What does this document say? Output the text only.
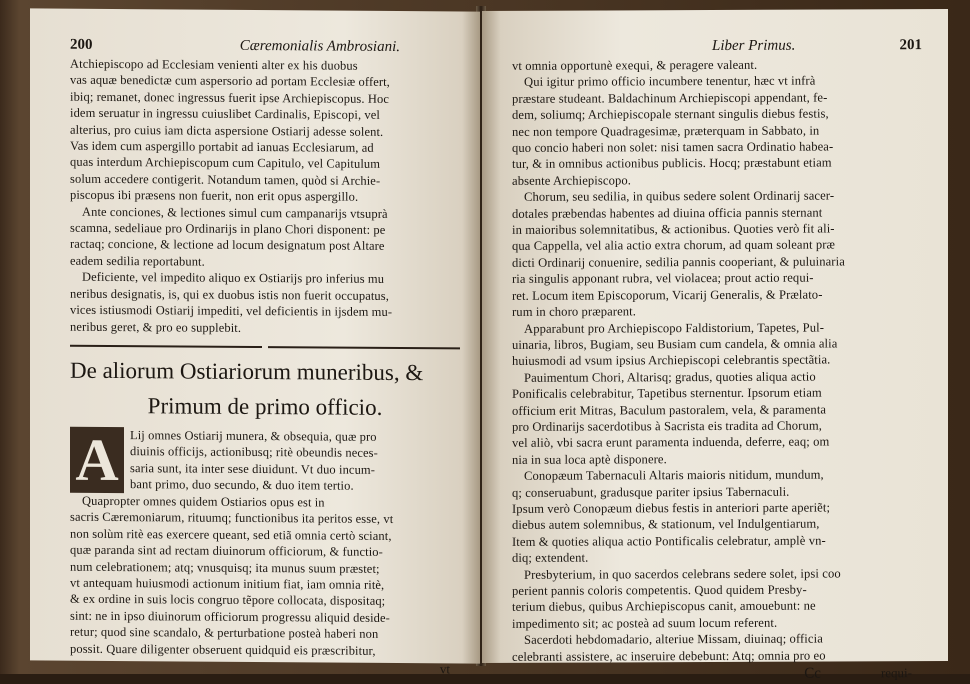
200	Cæremonialis Ambrosiani.
Atchiepiscopo ad Ecclesiam venienti alter ex his duobus
vas aquæ benedictæ cum aspersorio ad portam Ecclesiæ offert,
ibiq; remanet, donec ingressus fuerit ipse Archiepiscopus. Hoc
idem seruatur in ingressu cuiuslibet Cardinalis, Episcopi, vel
alterius, pro cuius iam dicta aspersione Ostiarij adesse solent.
Vas idem cum aspergillo portabit ad ianuas Ecclesiarum, ad
quas interdum Archiepiscopum cum Capitulo, vel Capitulum
solum accedere contigerit. Notandum tamen, quòd si Archie-
piscopus ibi præsens non fuerit, non erit opus aspergillo.
Ante conciones, & lectiones simul cum campanarijs vtsuprà
scamna, sedeliaue pro Ordinarijs in plano Chori disponent: pe
ractaq; concione, & lectione ad locum designatum post Altare
eadem sedilia reportabunt.
Deficiente, vel impedito aliquo ex Ostiarijs pro inferius mu
neribus designatis, is, qui ex duobus istis non fuerit occupatus,
vices istiusmodi Ostiarij impediti, vel deficientis in ijsdem mu-
neribus geret, & pro eo supplebit.
De aliorum Ostiariorum muneribus, &
Primum de primo officio.
A Lij omnes Ostiarij munera, & obsequia, quæ pro
diuinis officijs, actionibusq; ritè obeundis neces-
saria sunt, ita inter sese diuidunt. Vt duo incum-
bant primo, duo secundo, & duo item tertio.
Quapropter omnes quidem Ostiarios opus est in
sacris Cæremoniarum, rituumq; functionibus ita peritos esse, vt
non solùm ritè eas exercere queant, sed etiã omnia certò sciant,
quæ paranda sint ad rectam diuinorum officiorum, & functio-
num celebrationem; atq; vnusquisq; ita munus suum præstet;
vt antequam huiusmodi actionum initium fiat, iam omnia ritè,
& ex ordine in suis locis congruo tẽpore collocata, dispositaq;
sint: ne in ipso diuinorum officiorum progressu aliquid deside-
retur; quod sine scandalo, & perturbatione posteà haberi non
possit. Quare diligenter obseruent quidquid eis præscribitur,
vt
Liber Primus.	201
vt omnia opportunè exequi, & peragere valeant.
Qui igitur primo officio incumbere tenentur, hæc vt infrà
præstare studeant. Baldachinum Archiepiscopi appendant, fe-
dem, soliumq; Archiepiscopale sternant singulis diebus festis,
nec non tempore Quadragesimæ, præterquam in Sabbato, in
quo concio haberi non solet: nisi tamen sacra Ordinatio habea-
tur, & in omnibus actionibus publicis. Hocq; præstabunt etiam
absente Archiepiscopo.
Chorum, seu sedilia, in quibus sedere solent Ordinarij sacer-
dotales præbendas habentes ad diuina officia pannis sternant
in maioribus solemnitatibus, & actionibus. Quoties verò fit ali-
qua Cappella, vel alia actio extra chorum, ad quam soleant præ
dicti Ordinarij conuenire, sedilia pannis cooperiant, & puluinaria
ria singulis apponant rubra, vel violacea; prout actio requi-
ret. Locum item Episcoporum, Vicarij Generalis, & Prælato-
rum in choro præparent.
Apparabunt pro Archiepiscopo Faldistorium, Tapetes, Pul-
uinaria, libros, Bugiam, seu Busiam cum candela, & omnia alia
huiusmodi ad vsum ipsius Archiepiscopi celebrantis spectãtia.
Pauimentum Chori, Altarisq; gradus, quoties aliqua actio
Ponificalis celebrabitur, Tapetibus sternentur. Ipsorum etiam
officium erit Mitras, Baculum pastoralem, vela, & paramenta
pro Ordinarijs sacerdotibus à Sacrista eis tradita ad Chorum,
vel aliò, vbi sacra erunt paramenta induenda, deferre, eaq; om
nia in sua loca aptè disponere.
Conopæum Tabernaculi Altaris maioris nitidum, mundum,
q; conseruabunt, gradusque pariter ipsius Tabernaculi.
Ipsum verò Conopæum diebus festis in anteriori parte aperiẽt;
diebus autem solemnibus, & stationum, vel Indulgentiarum,
Item & quoties aliqua actio Pontificalis celebratur, amplè vn-
diq; extendent.
Presbyterium, in quo sacerdos celebrans sedere solet, ipsi coo
perient pannis coloris competentis. Quod quidem Presby-
terium diebus, quibus Archiepiscopus canit, amouebunt: ne
impedimento sit; ac posteà ad suum locum referent.
Sacerdoti hebdomadario, alteriue Missam, diuinaq; officia
celebranti assistere, ac inseruire debebunt: Atq; omnia pro eo
Cc	requi-
